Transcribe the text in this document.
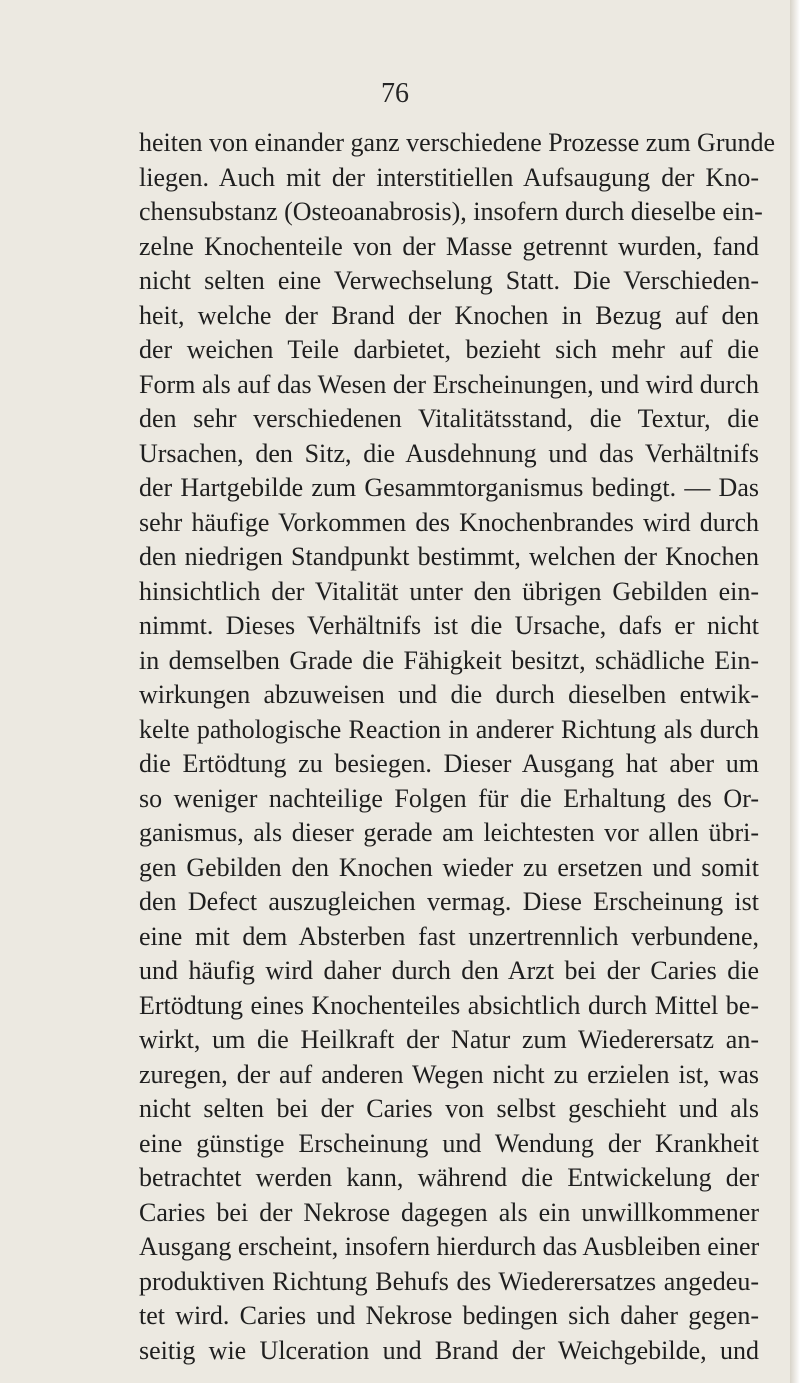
76
heiten von einander ganz verschiedene Prozesse zum Grunde
liegen. Auch mit der interstitiellen Aufsaugung der Kno-
chensubstanz (Osteoanabrosis), insofern durch dieselbe ein-
zelne Knochenteile von der Masse getrennt wurden, fand
nicht selten eine Verwechselung Statt. Die Verschieden-
heit, welche der Brand der Knochen in Bezug auf den
der weichen Teile darbietet, bezieht sich mehr auf die
Form als auf das Wesen der Erscheinungen, und wird durch
den sehr verschiedenen Vitalitätsstand, die Textur, die
Ursachen, den Sitz, die Ausdehnung und das Verhältnifs
der Hartgebilde zum Gesammtorganismus bedingt. — Das
sehr häufige Vorkommen des Knochenbrandes wird durch
den niedrigen Standpunkt bestimmt, welchen der Knochen
hinsichtlich der Vitalität unter den übrigen Gebilden ein-
nimmt. Dieses Verhältnifs ist die Ursache, dafs er nicht
in demselben Grade die Fähigkeit besitzt, schädliche Ein-
wirkungen abzuweisen und die durch dieselben entwik-
kelte pathologische Reaction in anderer Richtung als durch
die Ertödtung zu besiegen. Dieser Ausgang hat aber um
so weniger nachteilige Folgen für die Erhaltung des Or-
ganismus, als dieser gerade am leichtesten vor allen übri-
gen Gebilden den Knochen wieder zu ersetzen und somit
den Defect auszugleichen vermag. Diese Erscheinung ist
eine mit dem Absterben fast unzertrennlich verbundene,
und häufig wird daher durch den Arzt bei der Caries die
Ertödtung eines Knochenteiles absichtlich durch Mittel be-
wirkt, um die Heilkraft der Natur zum Wiederersatz an-
zuregen, der auf anderen Wegen nicht zu erzielen ist, was
nicht selten bei der Caries von selbst geschieht und als
eine günstige Erscheinung und Wendung der Krankheit
betrachtet werden kann, während die Entwickelung der
Caries bei der Nekrose dagegen als ein unwillkommener
Ausgang erscheint, insofern hierdurch das Ausbleiben einer
produktiven Richtung Behufs des Wiederersatzes angedeu-
tet wird. Caries und Nekrose bedingen sich daher gegen-
seitig wie Ulceration und Brand der Weichgebilde, und
